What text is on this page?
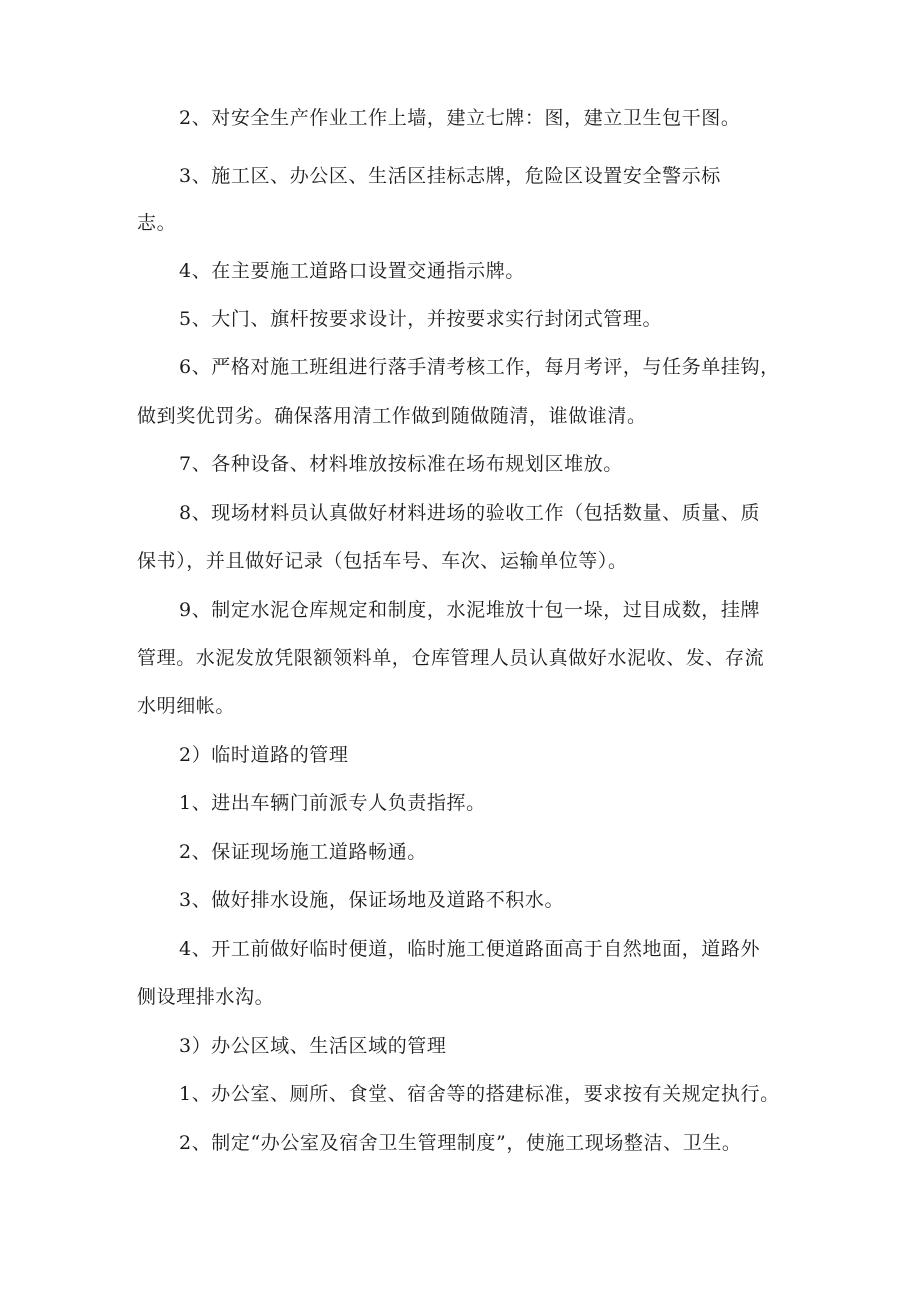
2、对安全生产作业工作上墙，建立七牌：图，建立卫生包干图。
3、施工区、办公区、生活区挂标志牌，危险区设置安全警示标
志。
4、在主要施工道路口设置交通指示牌。
5、大门、旗杆按要求设计，并按要求实行封闭式管理。
6、严格对施工班组进行落手清考核工作，每月考评，与任务单挂钩，
做到奖优罚劣。确保落用清工作做到随做随清，谁做谁清。
7、各种设备、材料堆放按标准在场布规划区堆放。
8、现场材料员认真做好材料进场的验收工作（包括数量、质量、质
保书），并且做好记录（包括车号、车次、运输单位等）。
9、制定水泥仓库规定和制度，水泥堆放十包一垛，过目成数，挂牌
管理。水泥发放凭限额领料单，仓库管理人员认真做好水泥收、发、存流
水明细帐。
2）临时道路的管理
1、进出车辆门前派专人负责指挥。
2、保证现场施工道路畅通。
3、做好排水设施，保证场地及道路不积水。
4、开工前做好临时便道，临时施工便道路面高于自然地面，道路外
侧设理排水沟。
3）办公区域、生活区域的管理
1、办公室、厕所、食堂、宿舍等的搭建标准，要求按有关规定执行。
2、制定“办公室及宿舍卫生管理制度”，使施工现场整洁、卫生。
